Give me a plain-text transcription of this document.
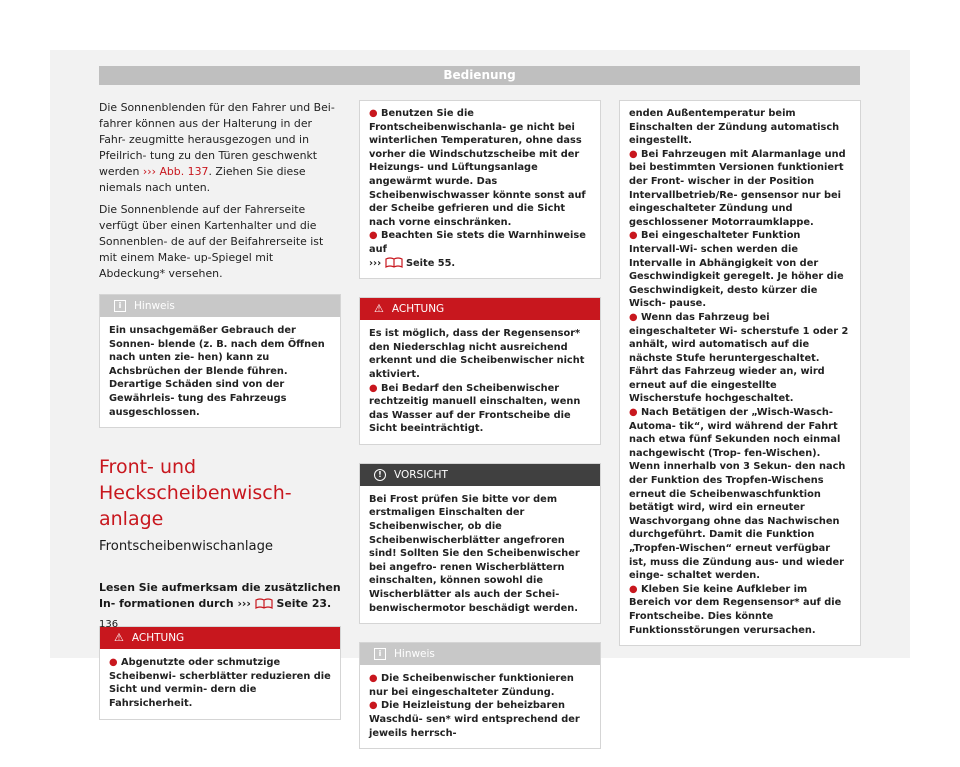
Bedienung

Die Sonnenblenden für den Fahrer und Bei- fahrer können aus der Halterung in der Fahr- zeugmitte herausgezogen und in Pfeilrich- tung zu den Türen geschwenkt werden ››› Abb. 137. Ziehen Sie diese niemals nach unten.

Die Sonnenblende auf der Fahrerseite verfügt über einen Kartenhalter und die Sonnenblen- de auf der Beifahrerseite ist mit einem Make- up-Spiegel mit Abdeckung* versehen.

i	Hinweis
Ein unsachgemäßer Gebrauch der Sonnen- blende (z. B. nach dem Öffnen nach unten zie- hen) kann zu Achsbrüchen der Blende führen. Derartige Schäden sind von der Gewährleis- tung des Fahrzeugs ausgeschlossen.
Front- und Heckscheibenwisch- anlage
Frontscheibenwischanlage

Lesen Sie aufmerksam die zusätzlichen In- formationen durch ››› Seite 23.

⚠ ACHTUNG
● Abgenutzte oder schmutzige Scheibenwi- scherblätter reduzieren die Sicht und vermin- dern die Fahrsicherheit.
● Benutzen Sie die Frontscheibenwischanla- ge nicht bei winterlichen Temperaturen, ohne dass vorher die Windschutzscheibe mit der Heizungs- und Lüftungsanlage angewärmt wurde. Das Scheibenwischwasser könnte sonst auf der Scheibe gefrieren und die Sicht nach vorne einschränken.
● Beachten Sie stets die Warnhinweise auf
›››	Seite 55.
⚠ ACHTUNG
Es ist möglich, dass der Regensensor* den Niederschlag nicht ausreichend erkennt und die Scheibenwischer nicht aktiviert.
● Bei Bedarf den Scheibenwischer rechtzeitig manuell einschalten, wenn das Wasser auf der Frontscheibe die Sicht beeinträchtigt.
!	VORSICHT
Bei Frost prüfen Sie bitte vor dem erstmaligen Einschalten der Scheibenwischer, ob die Scheibenwischerblätter angefroren sind! Sollten Sie den Scheibenwischer bei angefro- renen Wischerblättern einschalten, können sowohl die Wischerblätter als auch der Schei- benwischermotor beschädigt werden.
i	Hinweis
● Die Scheibenwischer funktionieren nur bei eingeschalteter Zündung.
● Die Heizleistung der beheizbaren Waschdü- sen* wird entsprechend der jeweils herrsch-
enden Außentemperatur beim Einschalten der Zündung automatisch eingestellt.
● Bei Fahrzeugen mit Alarmanlage und bei bestimmten Versionen funktioniert der Front- wischer in der Position Intervallbetrieb/Re- gensensor nur bei eingeschalteter Zündung und geschlossener Motorraumklappe.
● Bei eingeschalteter Funktion Intervall-Wi- schen werden die Intervalle in Abhängigkeit von der Geschwindigkeit geregelt. Je höher die Geschwindigkeit, desto kürzer die Wisch- pause.
● Wenn das Fahrzeug bei eingeschalteter Wi- scherstufe 1 oder 2 anhält, wird automatisch auf die nächste Stufe heruntergeschaltet. Fährt das Fahrzeug wieder an, wird erneut auf die eingestellte Wischerstufe hochgeschaltet.
● Nach Betätigen der „Wisch-Wasch-Automa- tik“, wird während der Fahrt nach etwa fünf Sekunden noch einmal nachgewischt (Trop- fen-Wischen). Wenn innerhalb von 3 Sekun- den nach der Funktion des Tropfen-Wischens erneut die Scheibenwaschfunktion betätigt wird, wird ein erneuter Waschvorgang ohne das Nachwischen durchgeführt. Damit die Funktion „Tropfen-Wischen“ erneut verfügbar ist, muss die Zündung aus- und wieder einge- schaltet werden.
● Kleben Sie keine Aufkleber im Bereich vor dem Regensensor* auf die Frontscheibe. Dies könnte Funktionsstörungen verursachen.
136
